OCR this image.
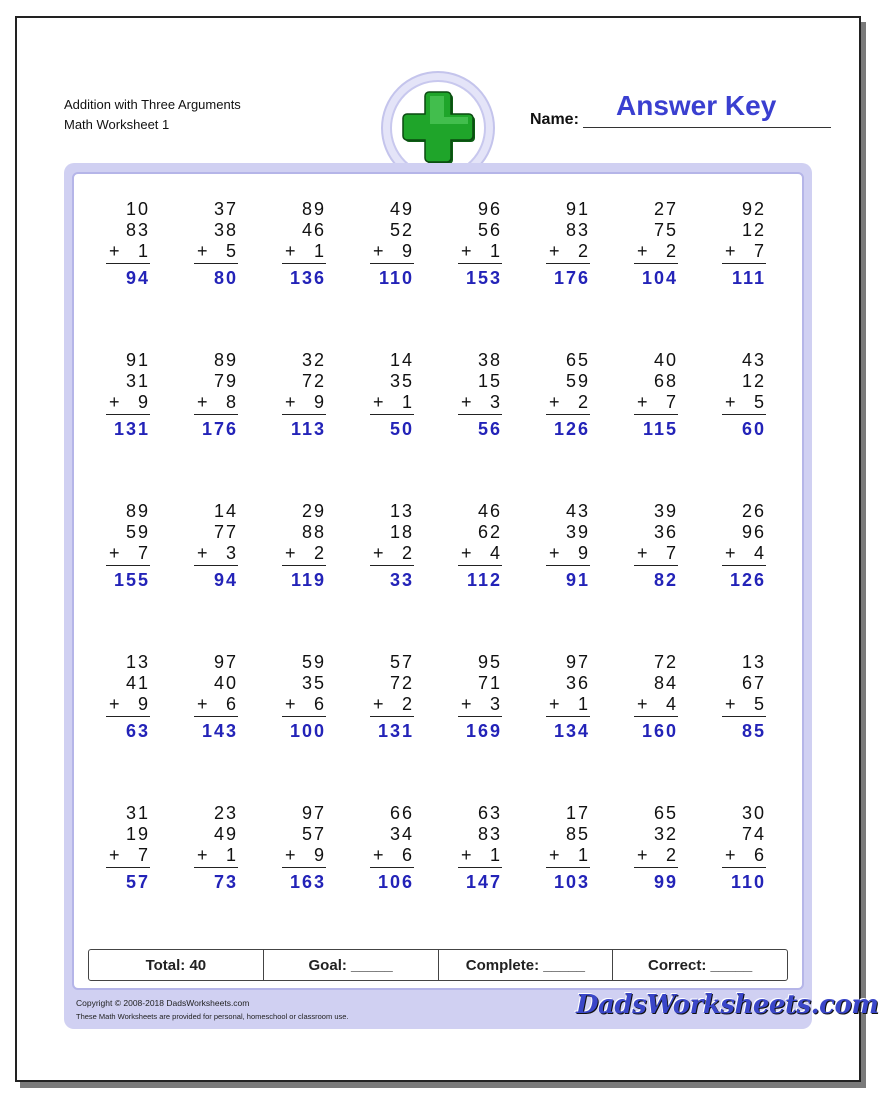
Addition with Three Arguments
Math Worksheet 1	Name: Answer Key
10
83
+ 1
94
37
38
+ 5
80
89
46
+ 1
136
49
52
+ 9
110
96
56
+ 1
153
91
83
+ 2
176
27
75
+ 2
104
92
12
+ 7
111
91
31
+ 9
131
89
79
+ 8
176
32
72
+ 9
113
14
35
+ 1
50
38
15
+ 3
56
65
59
+ 2
126
40
68
+ 7
115
43
12
+ 5
60
89
59
+ 7
155
14
77
+ 3
94
29
88
+ 2
119
13
18
+ 2
33
46
62
+ 4
112
43
39
+ 9
91
39
36
+ 7
82
26
96
+ 4
126
13
41
+ 9
63
97
40
+ 6
143
59
35
+ 6
100
57
72
+ 2
131
95
71
+ 3
169
97
36
+ 1
134
72
84
+ 4
160
13
67
+ 5
85
31
19
+ 7
57
23
49
+ 1
73
97
57
+ 9
163
66
34
+ 6
106
63
83
+ 1
147
17
85
+ 1
103
65
32
+ 2
99
30
74
+ 6
110
Total: 40	Goal: _____	Complete: _____	Correct: _____
Copyright © 2008-2018 DadsWorksheets.com
These Math Worksheets are provided for personal, homeschool or classroom use.	DadsWorksheets.com
